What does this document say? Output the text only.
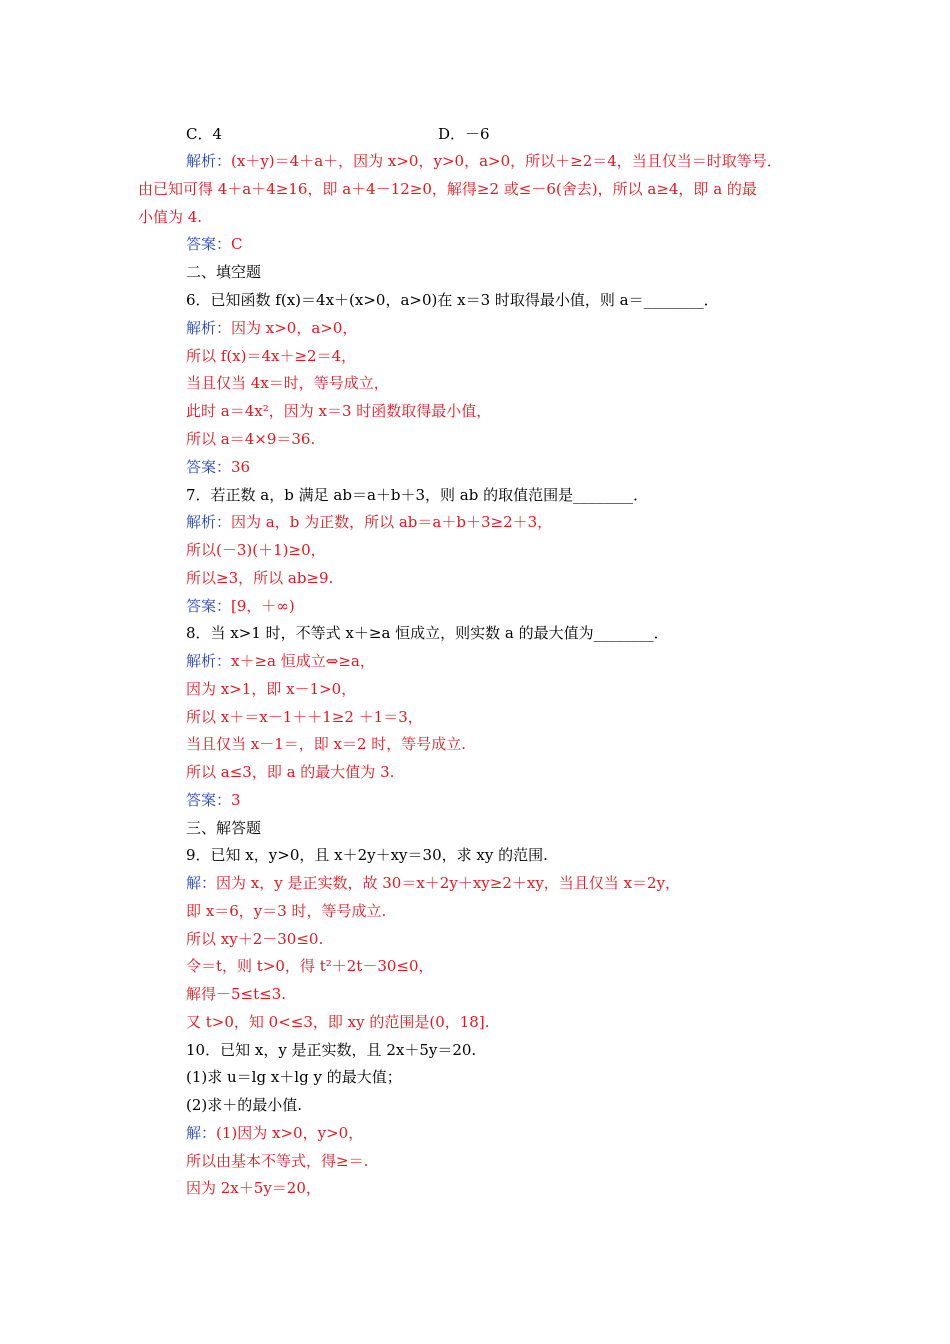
C．4	D．－6
解析：(x＋y)＝4＋a＋，因为 x>0，y>0，a>0，所以＋≥2＝4，当且仅当＝时取等号．
由已知可得 4＋a＋4≥16，即 a＋4－12≥0，解得≥2 或≤－6(舍去)，所以 a≥4，即 a 的最
小值为 4.
答案：C
二、填空题
6．已知函数 f(x)＝4x＋(x>0，a>0)在 x＝3 时取得最小值，则 a＝________．
解析：因为 x>0，a>0，
所以 f(x)＝4x＋≥2＝4，
当且仅当 4x＝时，等号成立，
此时 a＝4x²，因为 x＝3 时函数取得最小值，
所以 a＝4×9＝36.
答案：36
7．若正数 a，b 满足 ab＝a＋b＋3，则 ab 的取值范围是________．
解析：因为 a，b 为正数，所以 ab＝a＋b＋3≥2＋3，
所以(－3)(＋1)≥0，
所以≥3，所以 ab≥9.
答案：[9，＋∞)
8．当 x>1 时，不等式 x＋≥a 恒成立，则实数 a 的最大值为________．
解析：x＋≥a 恒成立⇔≥a，
因为 x>1，即 x－1>0，
所以 x＋＝x－1＋＋1≥2 ＋1＝3，
当且仅当 x－1＝，即 x＝2 时，等号成立.
所以 a≤3，即 a 的最大值为 3.
答案：3
三、解答题
9．已知 x，y>0，且 x＋2y＋xy＝30，求 xy 的范围.
解：因为 x，y 是正实数，故 30＝x＋2y＋xy≥2＋xy，当且仅当 x＝2y，
即 x＝6，y＝3 时，等号成立.
所以 xy＋2－30≤0.
令＝t，则 t>0，得 t²＋2t－30≤0，
解得－5≤t≤3.
又 t>0，知 0<≤3，即 xy 的范围是(0，18].
10．已知 x，y 是正实数，且 2x＋5y＝20.
(1)求 u＝lg x＋lg y 的最大值；
(2)求＋的最小值.
解：(1)因为 x>0，y>0，
所以由基本不等式，得≥＝.
因为 2x＋5y＝20，
